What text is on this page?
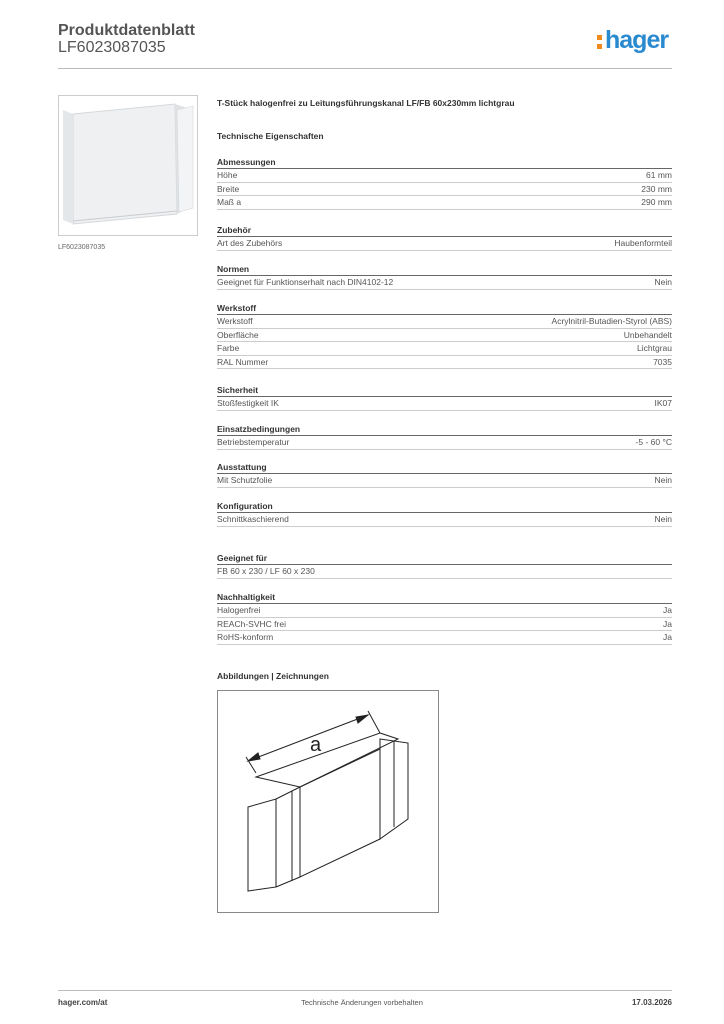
Produktdatenblatt
LF6023087035	hager
LF6023087035
T-Stück halogenfrei zu Leitungsführungskanal LF/FB 60x230mm lichtgrau
Technische Eigenschaften
Abmessungen
Höhe	61 mm
Breite	230 mm
Maß a	290 mm
Zubehör
Art des Zubehörs	Haubenformteil
Normen
Geeignet für Funktionserhalt nach DIN4102-12	Nein
Werkstoff
Werkstoff	Acrylnitril-Butadien-Styrol (ABS)
Oberfläche	Unbehandelt
Farbe	Lichtgrau
RAL Nummer	7035
Sicherheit
Stoßfestigkeit IK	IK07
Einsatzbedingungen
Betriebstemperatur	-5 - 60 °C
Ausstattung
Mit Schutzfolie	Nein
Konfiguration
Schnittkaschierend	Nein
Geeignet für
FB 60 x 230 / LF 60 x 230
Nachhaltigkeit
Halogenfrei	Ja
REACh-SVHC frei	Ja
RoHS-konform	Ja
Abbildungen | Zeichnungen
a
hager.com/at	Technische Änderungen vorbehalten	17.03.2026
